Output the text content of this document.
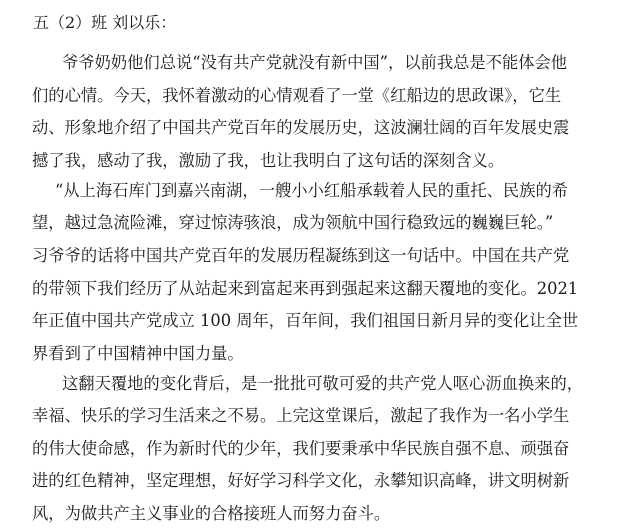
五（2）班 刘以乐：
爷爷奶奶他们总说“没有共产党就没有新中国”，以前我总是不能体会他
们的心情。今天，我怀着激动的心情观看了一堂《红船边的思政课》，它生
动、形象地介绍了中国共产党百年的发展历史，这波澜壮阔的百年发展史震
撼了我，感动了我，激励了我，也让我明白了这句话的深刻含义。
“从上海石库门到嘉兴南湖，一艘小小红船承载着人民的重托、民族的希
望，越过急流险滩，穿过惊涛骇浪，成为领航中国行稳致远的巍巍巨轮。”
习爷爷的话将中国共产党百年的发展历程凝练到这一句话中。中国在共产党
的带领下我们经历了从站起来到富起来再到强起来这翻天覆地的变化。2021
年正值中国共产党成立 100 周年，百年间，我们祖国日新月异的变化让全世
界看到了中国精神中国力量。
这翻天覆地的变化背后，是一批批可敬可爱的共产党人呕心沥血换来的，
幸福、快乐的学习生活来之不易。上完这堂课后，激起了我作为一名小学生
的伟大使命感，作为新时代的少年，我们要秉承中华民族自强不息、顽强奋
进的红色精神，坚定理想，好好学习科学文化，永攀知识高峰，讲文明树新
风，为做共产主义事业的合格接班人而努力奋斗。
